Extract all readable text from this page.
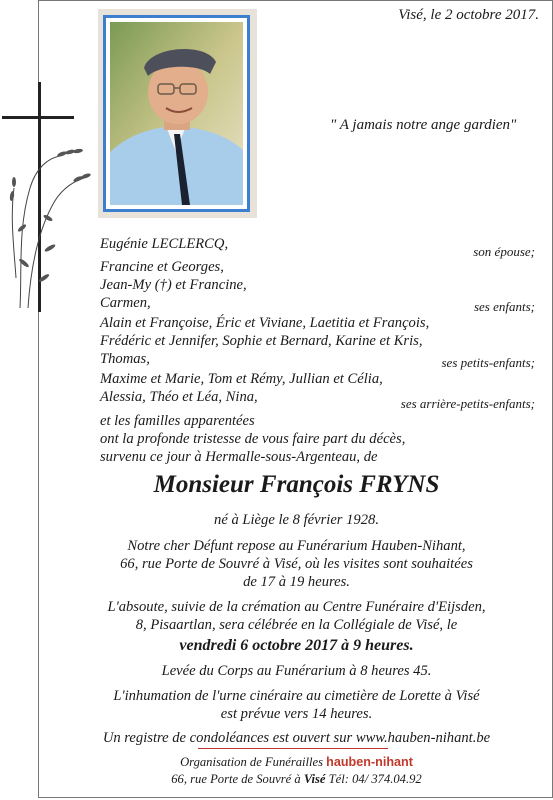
Visé, le 2 octobre 2017.
" A jamais notre ange gardien"
Eugénie LECLERCQ,	son épouse;
Francine et Georges,
Jean-My (†) et Francine,
Carmen,	ses enfants;
Alain et Françoise, Éric et Viviane, Laetitia et François,
Frédéric et Jennifer, Sophie et Bernard, Karine et Kris,
Thomas,	ses petits-enfants;
Maxime et Marie, Tom et Rémy, Jullian et Célia,
Alessia, Théo et Léa, Nina,	ses arrière-petits-enfants;
et les familles apparentées
ont la profonde tristesse de vous faire part du décès,
survenu ce jour à Hermalle-sous-Argenteau, de
Monsieur François FRYNS
né à Liège le 8 février 1928.
Notre cher Défunt repose au Funérarium Hauben-Nihant,
66, rue Porte de Souvré à Visé, où les visites sont souhaitées
de 17 à 19 heures.
L'absoute, suivie de la crémation au Centre Funéraire d'Eijsden,
8, Pisaartlan, sera célébrée en la Collégiale de Visé, le
vendredi 6 octobre 2017 à 9 heures.
Levée du Corps au Funérarium à 8 heures 45.
L'inhumation de l'urne cinéraire au cimetière de Lorette à Visé
est prévue vers 14 heures.
Un registre de condoléances est ouvert sur www.hauben-nihant.be
Organisation de Funérailles hauben-nihant
66, rue Porte de Souvré à Visé Tél: 04/ 374.04.92
